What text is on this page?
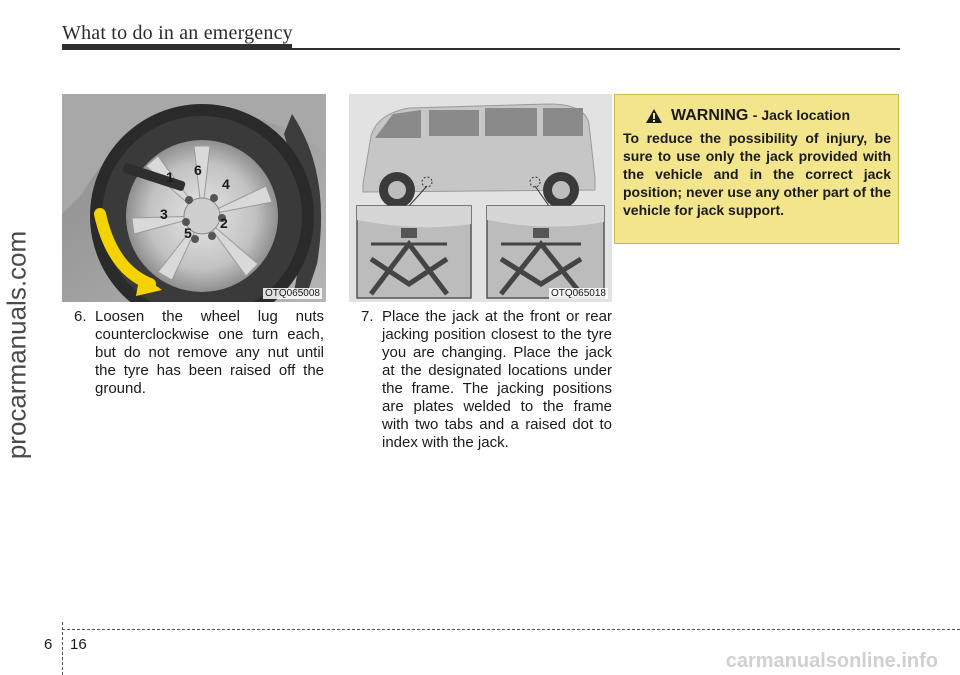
What to do in an emergency
procarmanuals.com
1 6
4
3
2
5
OTQ065008	OTQ065018
6. Loosen the wheel lug nuts counterclockwise one turn each, but do not remove any nut until the tyre has been raised off the ground.
7. Place the jack at the front or rear jacking position closest to the tyre you are changing. Place the jack at the designated locations under the frame. The jacking positions are plates welded to the frame with two tabs and a raised dot to index with the jack.
WARNING - Jack location
To reduce the possibility of injury, be sure to use only the jack provided with the vehicle and in the correct jack position; never use any other part of the vehicle for jack support.
6 16
carmanualsonline.info
